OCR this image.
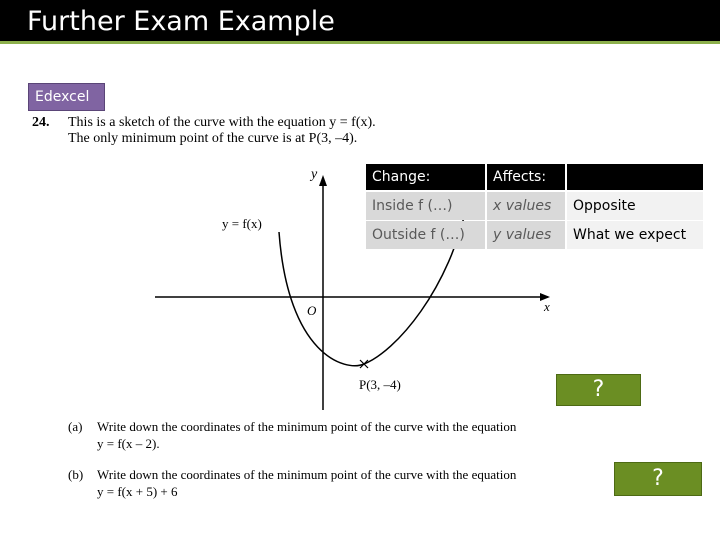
Further Exam Example
Edexcel
24. This is a sketch of the curve with the equation y = f(x).
The only minimum point of the curve is at P(3, –4).
y
x
O
y = f(x)
P(3, –4)
Change:	Affects:
Inside f (…)	x values	Opposite
Outside f (…)	y values	What we expect
(a) Write down the coordinates of the minimum point of the curve with the equation
y = f(x – 2).
(b) Write down the coordinates of the minimum point of the curve with the equation
y = f(x + 5) + 6
?
?
